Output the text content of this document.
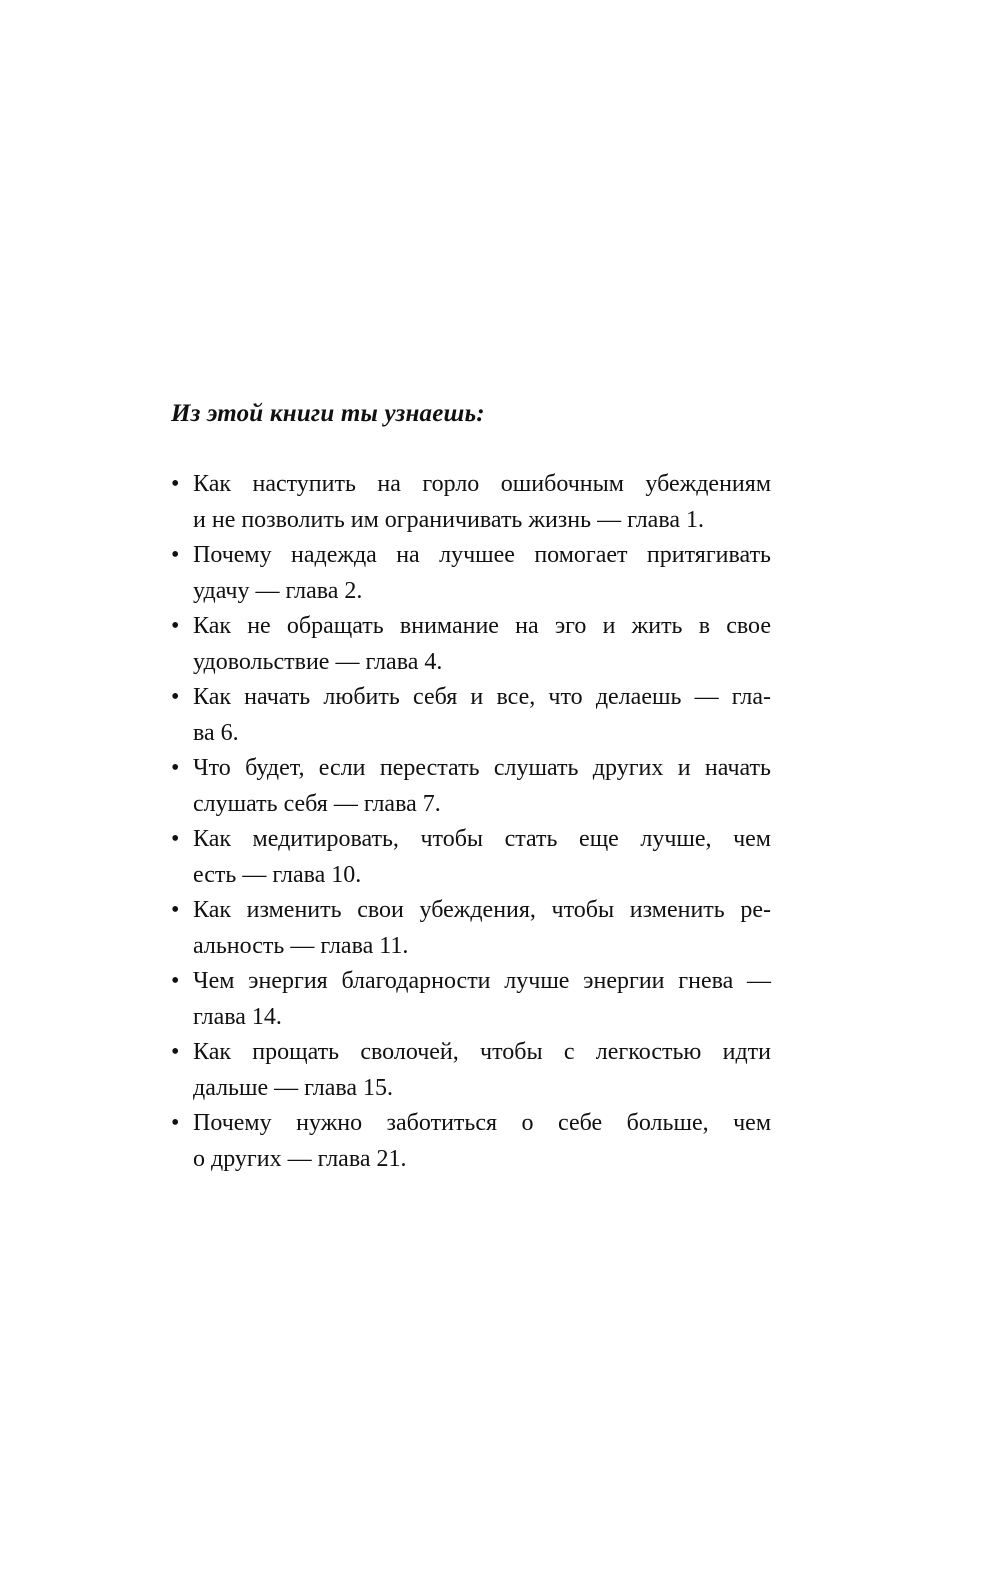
Из этой книги ты узнаешь:
• Как наступить на горло ошибочным убеждениям
и не позволить им ограничивать жизнь — глава 1.
• Почему надежда на лучшее помогает притягивать
удачу — глава 2.
• Как не обращать внимание на эго и жить в свое
удовольствие — глава 4.
• Как начать любить себя и все, что делаешь — гла-
ва 6.
• Что будет, если перестать слушать других и начать
слушать себя — глава 7.
• Как медитировать, чтобы стать еще лучше, чем
есть — глава 10.
• Как изменить свои убеждения, чтобы изменить ре-
альность — глава 11.
• Чем энергия благодарности лучше энергии гнева —
глава 14.
• Как прощать сволочей, чтобы с легкостью идти
дальше — глава 15.
• Почему нужно заботиться о себе больше, чем
о других — глава 21.
